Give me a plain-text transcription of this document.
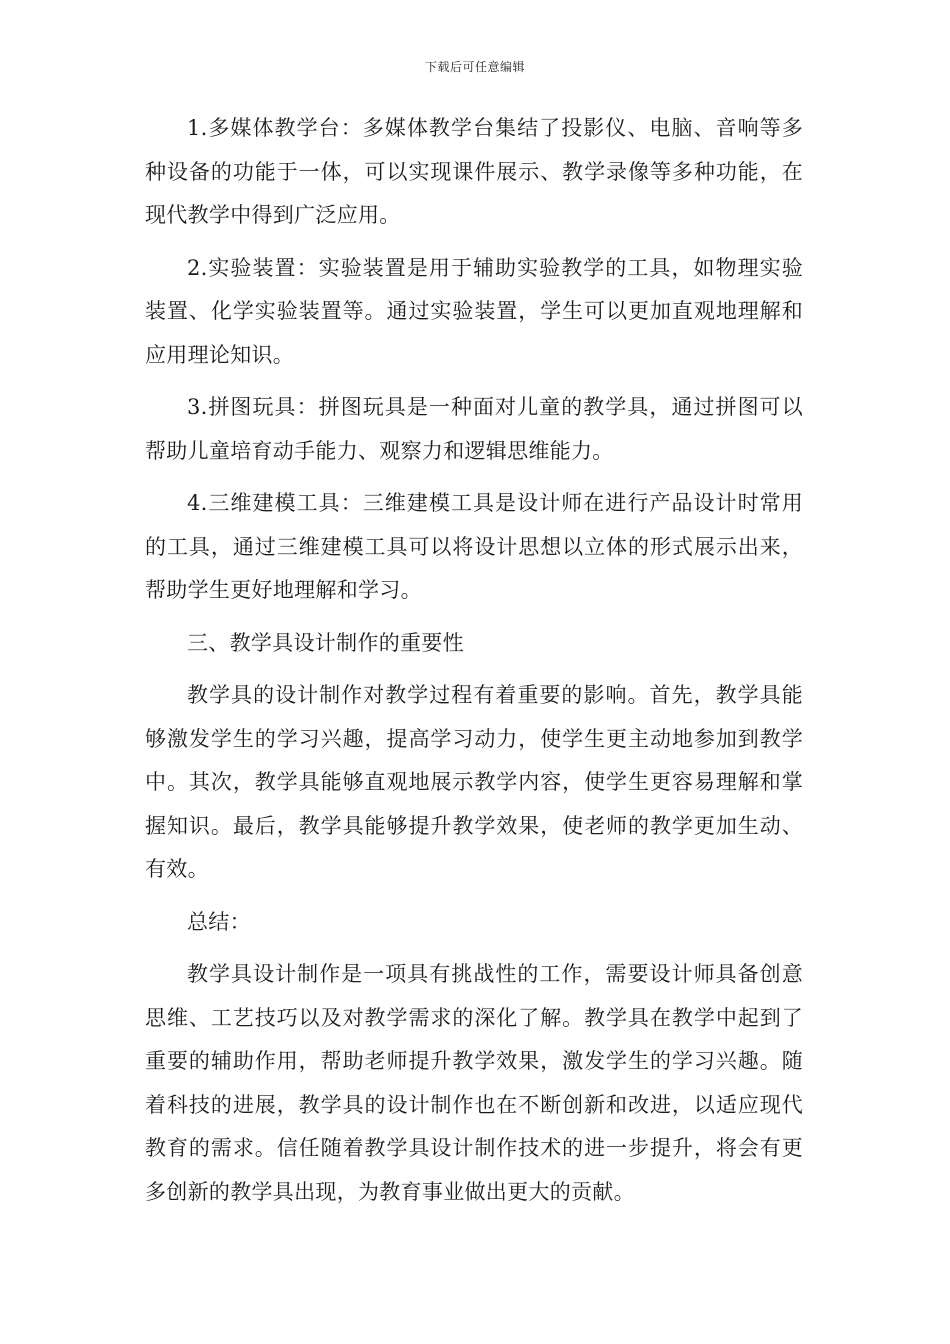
下载后可任意编辑

1.多媒体教学台：多媒体教学台集结了投影仪、电脑、音响等多种设备的功能于一体，可以实现课件展示、教学录像等多种功能，在现代教学中得到广泛应用。

2.实验装置：实验装置是用于辅助实验教学的工具，如物理实验装置、化学实验装置等。通过实验装置，学生可以更加直观地理解和应用理论知识。

3.拼图玩具：拼图玩具是一种面对儿童的教学具，通过拼图可以帮助儿童培育动手能力、观察力和逻辑思维能力。

4.三维建模工具：三维建模工具是设计师在进行产品设计时常用的工具，通过三维建模工具可以将设计思想以立体的形式展示出来，帮助学生更好地理解和学习。

三、教学具设计制作的重要性

教学具的设计制作对教学过程有着重要的影响。首先，教学具能够激发学生的学习兴趣，提高学习动力，使学生更主动地参加到教学中。其次，教学具能够直观地展示教学内容，使学生更容易理解和掌握知识。最后，教学具能够提升教学效果，使老师的教学更加生动、有效。

总结：

教学具设计制作是一项具有挑战性的工作，需要设计师具备创意思维、工艺技巧以及对教学需求的深化了解。教学具在教学中起到了重要的辅助作用，帮助老师提升教学效果，激发学生的学习兴趣。随着科技的进展，教学具的设计制作也在不断创新和改进，以适应现代教育的需求。信任随着教学具设计制作技术的进一步提升，将会有更多创新的教学具出现，为教育事业做出更大的贡献。
